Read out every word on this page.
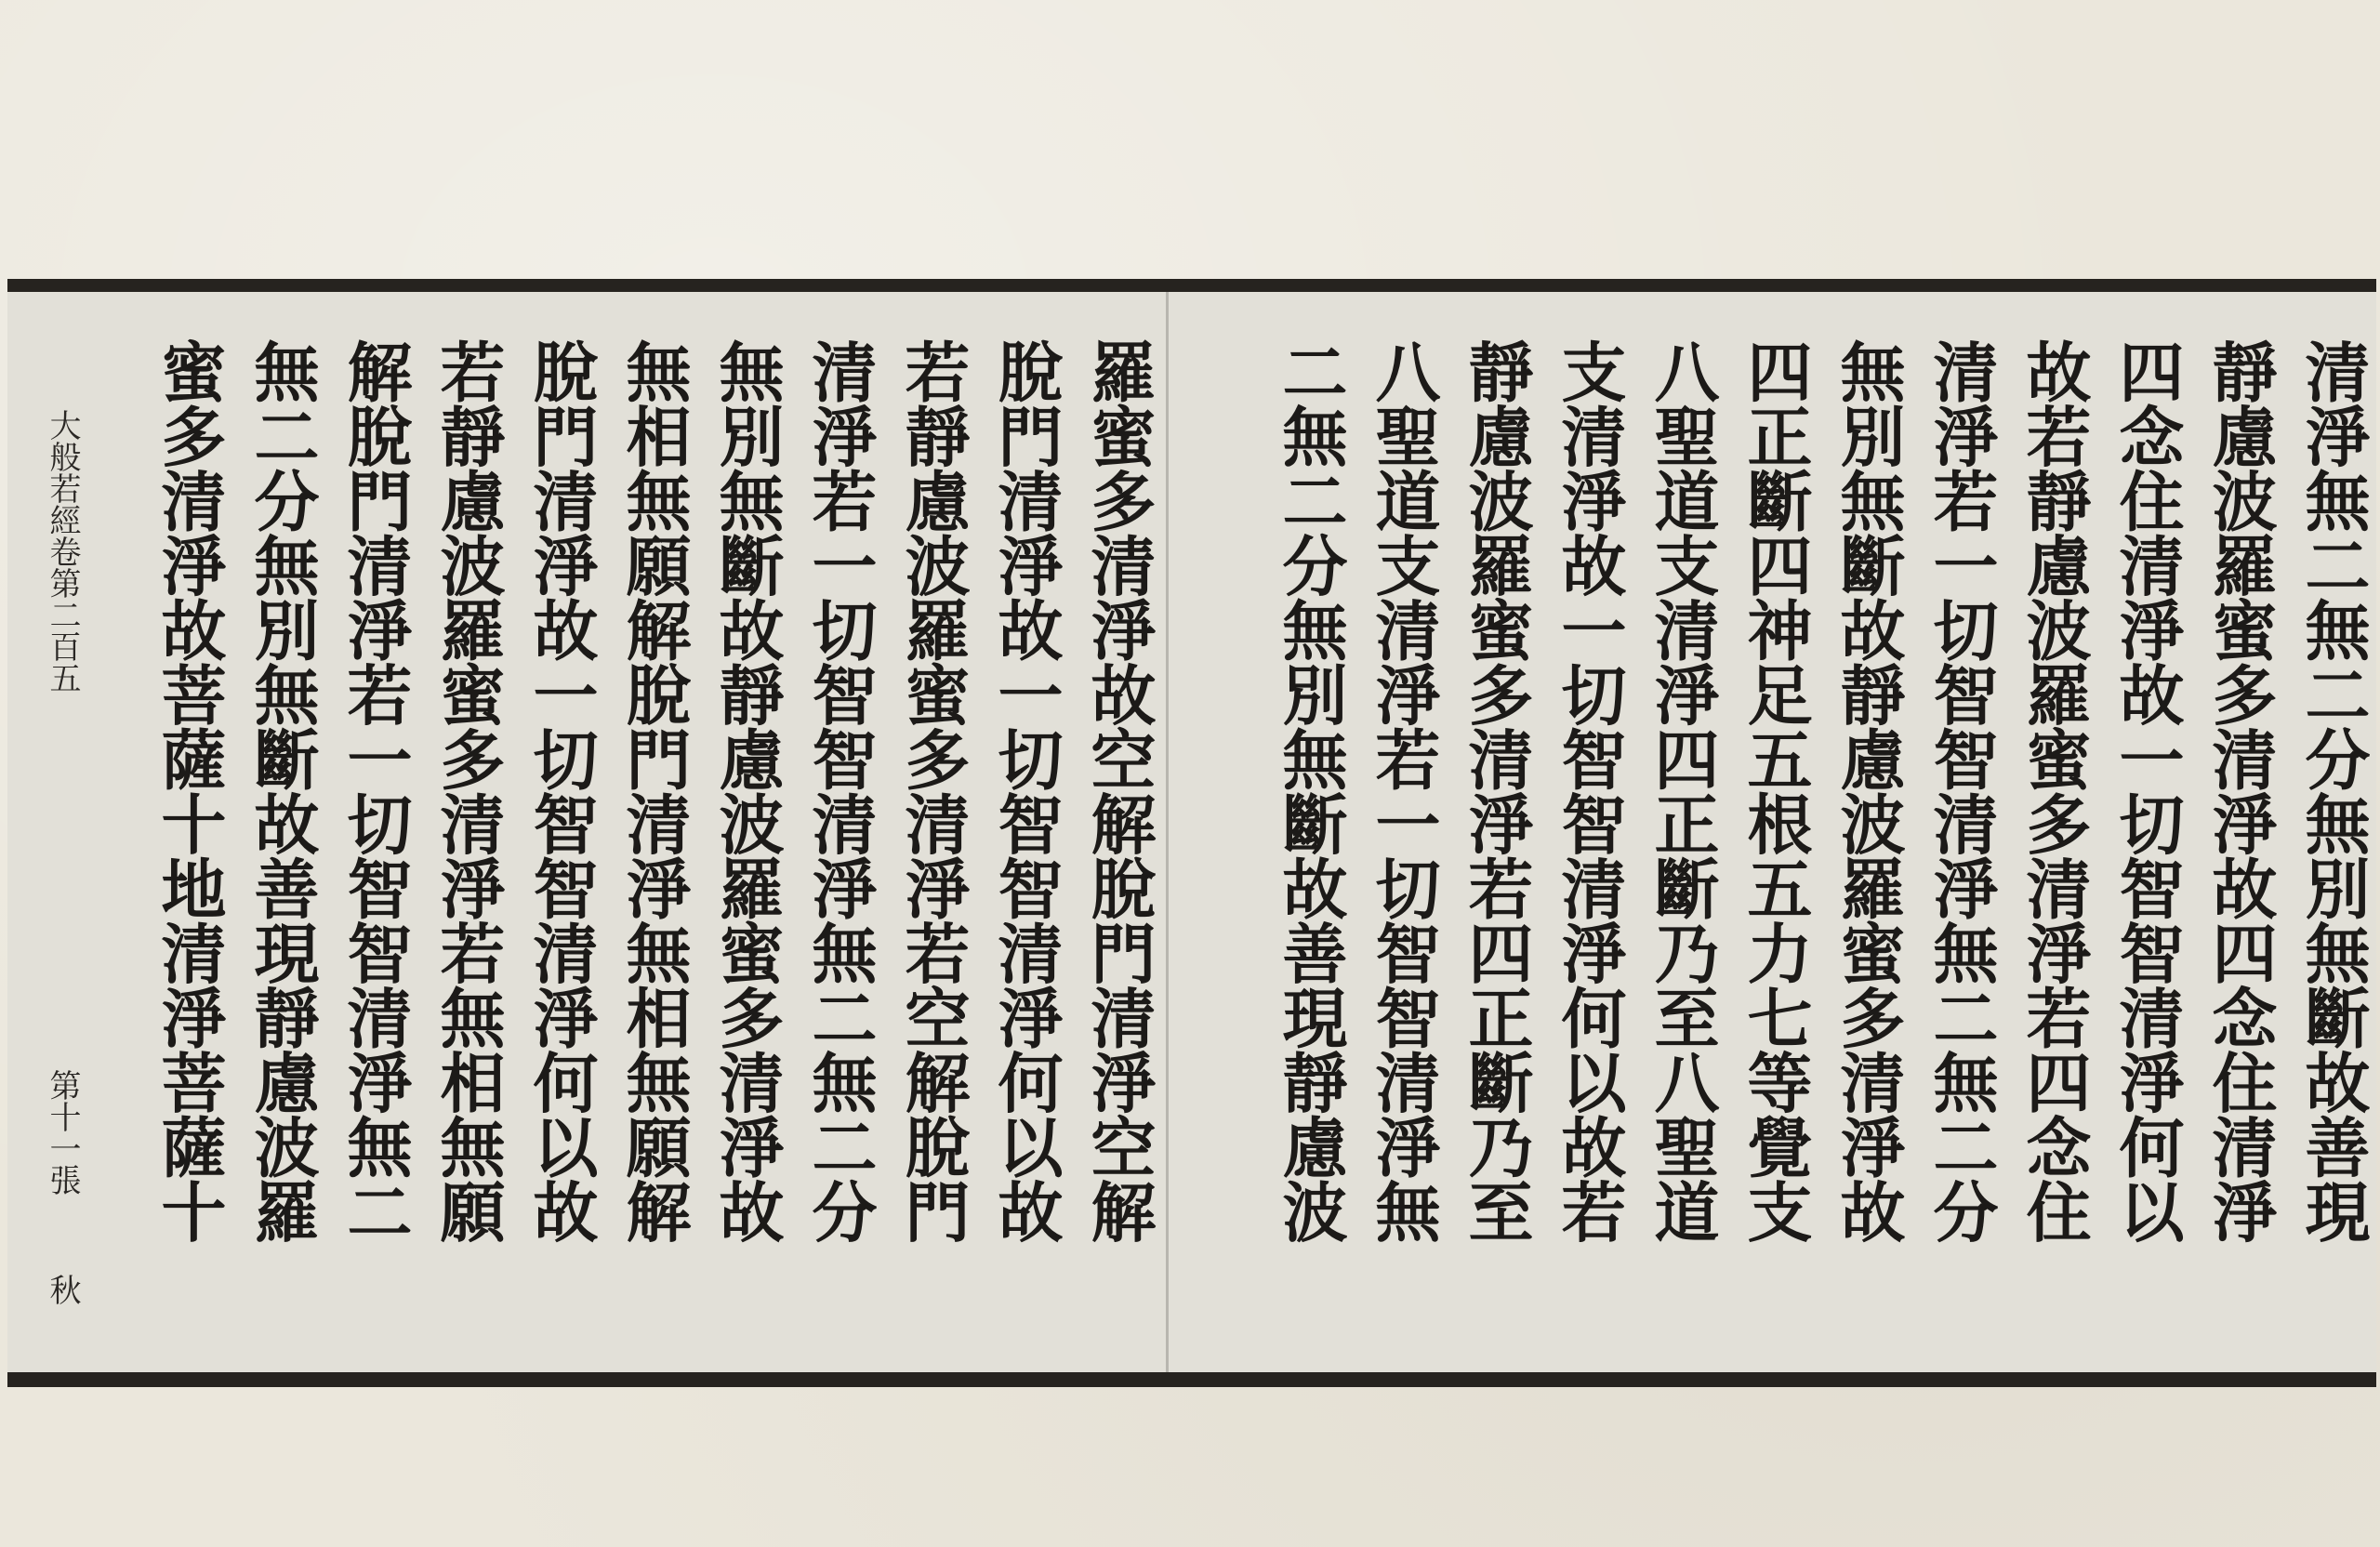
清淨無二無二分無別無斷故善現
靜慮波羅蜜多清淨故四念住清淨
四念住清淨故一切智智清淨何以
故若靜慮波羅蜜多清淨若四念住
清淨若一切智智清淨無二無二分
無別無斷故靜慮波羅蜜多清淨故
四正斷四神足五根五力七等覺支
八聖道支清淨四正斷乃至八聖道
支清淨故一切智智清淨何以故若
靜慮波羅蜜多清淨若四正斷乃至
八聖道支清淨若一切智智清淨無
二無二分無別無斷故善現靜慮波
羅蜜多清淨故空解脫門清淨空解
脫門清淨故一切智智清淨何以故
若靜慮波羅蜜多清淨若空解脫門
清淨若一切智智清淨無二無二分
無別無斷故靜慮波羅蜜多清淨故
無相無願解脫門清淨無相無願解
脫門清淨故一切智智清淨何以故
若靜慮波羅蜜多清淨若無相無願
解脫門清淨若一切智智清淨無二
無二分無別無斷故善現靜慮波羅
蜜多清淨故菩薩十地清淨菩薩十
大般若經卷第二百五
第十一張
秋
